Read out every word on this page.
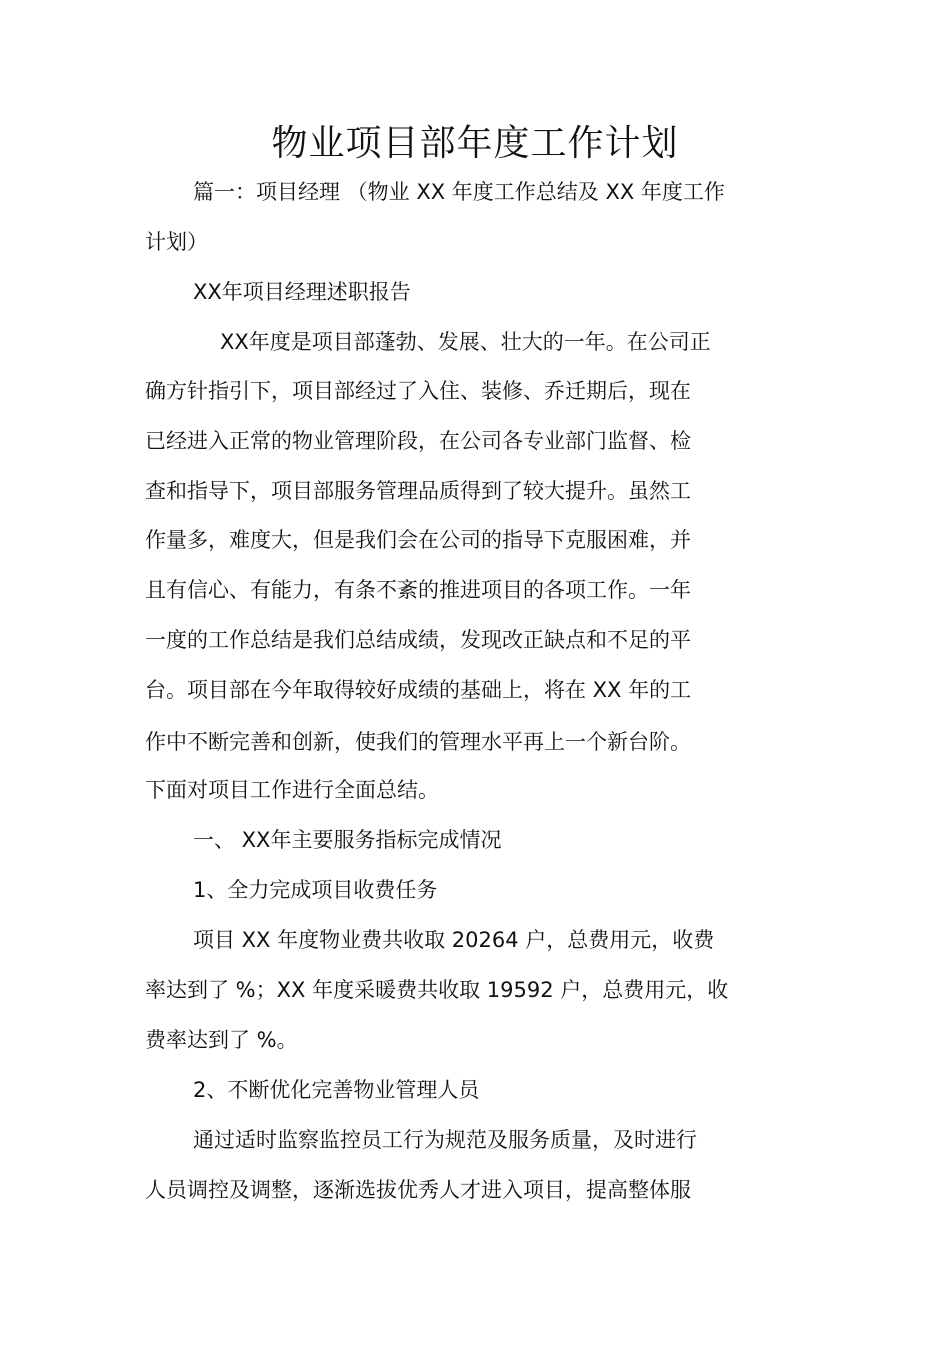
物业项目部年度工作计划
篇一：项目经理 （物业 XX 年度工作总结及 XX 年度工作
计划）
XX年项目经理述职报告
XX年度是项目部蓬勃、发展、壮大的一年。在公司正
确方针指引下，项目部经过了入住、装修、乔迁期后，现在
已经进入正常的物业管理阶段，在公司各专业部门监督、检
查和指导下，项目部服务管理品质得到了较大提升。虽然工
作量多，难度大，但是我们会在公司的指导下克服困难，并
且有信心、有能力，有条不紊的推进项目的各项工作。一年
一度的工作总结是我们总结成绩，发现改正缺点和不足的平
台。项目部在今年取得较好成绩的基础上，将在 XX 年的工
作中不断完善和创新，使我们的管理水平再上一个新台阶。
下面对项目工作进行全面总结。
一、 XX年主要服务指标完成情况
1、全力完成项目收费任务
项目 XX 年度物业费共收取 20264 户，总费用元，收费
率达到了 %；XX 年度采暖费共收取 19592 户，总费用元，收
费率达到了 %。
2、不断优化完善物业管理人员
通过适时监察监控员工行为规范及服务质量，及时进行
人员调控及调整，逐渐选拔优秀人才进入项目，提高整体服
